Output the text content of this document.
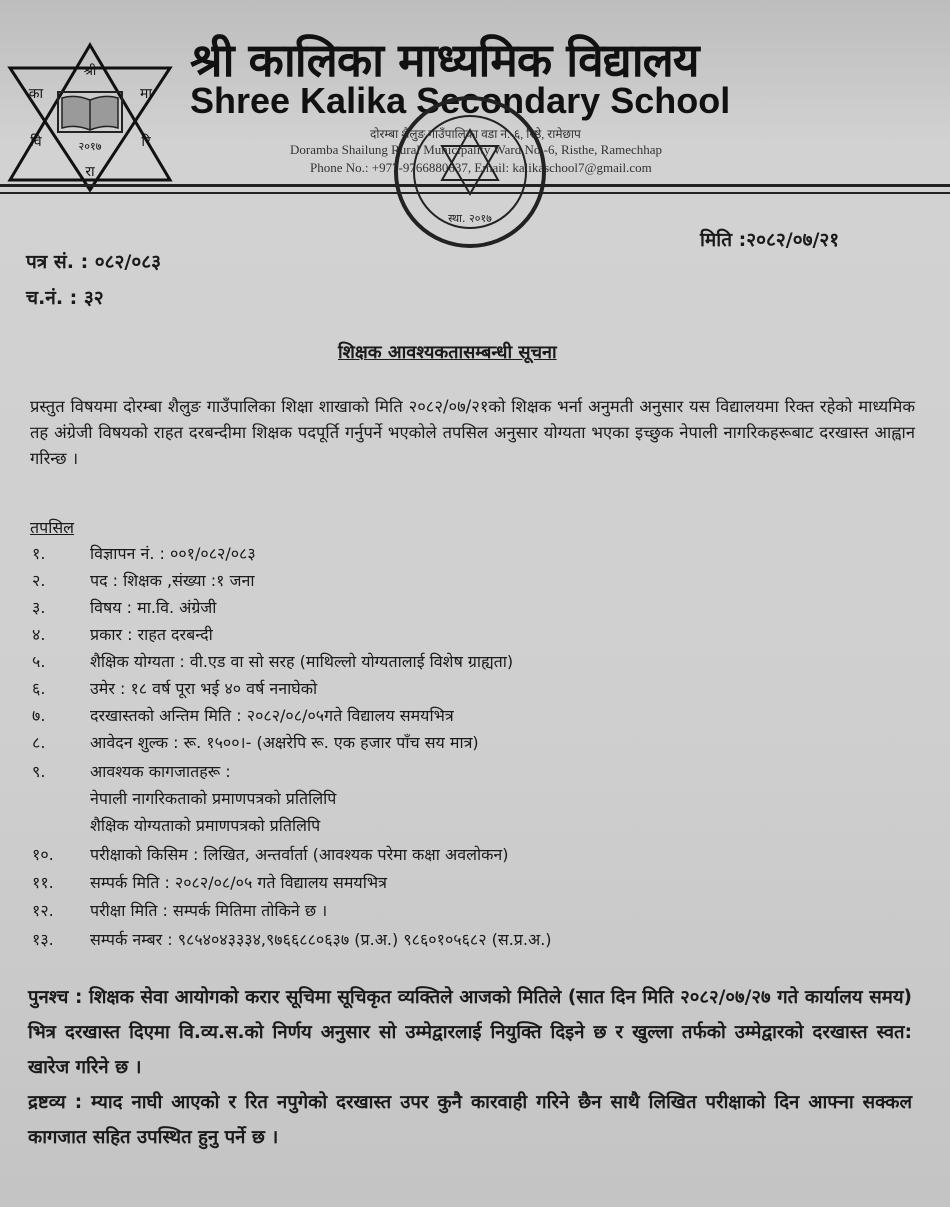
श्री
का	मा
वि	रि
रा
२०१७
श्री कालिका माध्यमिक विद्यालय
Shree Kalika Secondary School
दोरम्बा शैलुङ गाउँपालिका वडा नं.-६, रिष्ठे, रामेछाप
Doramba Shailung Rural Municipality Ward No.-6, Risthe, Ramechhap
Phone No.: +977-9766880637, Email: kalikaschool7@gmail.com
स्था. २०१७
पत्र सं. : ०८२/०८३
च.नं. : ३२
मिति :२०८२/०७/२१
शिक्षक आवश्यकतासम्बन्धी सूचना
प्रस्तुत विषयमा दोरम्बा शैलुङ गाउँपालिका शिक्षा शाखाको मिति २०८२/०७/२१को शिक्षक भर्ना अनुमती अनुसार यस विद्यालयमा रिक्त रहेको माध्यमिक तह अंग्रेजी विषयको राहत दरबन्दीमा शिक्षक पदपूर्ति गर्नुपर्ने भएकोले तपसिल अनुसार योग्यता भएका इच्छुक नेपाली नागरिकहरूबाट दरखास्त आह्वान गरिन्छ ।
तपसिल
१.	विज्ञापन नं. : ००१/०८२/०८३
२.	पद : शिक्षक ,संख्या :१ जना
३.	विषय : मा.वि. अंग्रेजी
४.	प्रकार : राहत दरबन्दी
५.	शैक्षिक योग्यता : वी.एड वा सो सरह (माथिल्लो योग्यतालाई विशेष ग्राह्यता)
६.	उमेर : १८ वर्ष पूरा भई ४० वर्ष ननाघेको
७.	दरखास्तको अन्तिम मिति : २०८२/०८/०५गते विद्यालय समयभित्र
८.	आवेदन शुल्क : रू. १५००।- (अक्षरेपि रू. एक हजार पाँच सय मात्र)
९.	आवश्यक कागजातहरू :
नेपाली नागरिकताको प्रमाणपत्रको प्रतिलिपि
शैक्षिक योग्यताको प्रमाणपत्रको प्रतिलिपि
१०. परीक्षाको किसिम : लिखित, अन्तर्वार्ता (आवश्यक परेमा कक्षा अवलोकन)
११. सम्पर्क मिति : २०८२/०८/०५ गते विद्यालय समयभित्र
१२. परीक्षा मिति : सम्पर्क मितिमा तोकिने छ ।
१३. सम्पर्क नम्बर : ९८५४०४३३३४,९७६६८८०६३७ (प्र.अ.) ९८६०१०५६८२ (स.प्र.अ.)

पुनश्च : शिक्षक सेवा आयोगको करार सूचिमा सूचिकृत व्यक्तिले आजको मितिले (सात दिन मिति २०८२/०७/२७ गते कार्यालय समय) भित्र दरखास्त दिएमा वि.व्य.स.को निर्णय अनुसार सो उम्मेद्वारलाई नियुक्ति दिइने छ र खुल्ला तर्फको उम्मेद्वारको दरखास्त स्वत: खारेज गरिने छ ।

द्रष्टव्य : म्याद नाघी आएको र रित नपुगेको दरखास्त उपर कुनै कारवाही गरिने छैन साथै लिखित परीक्षाको दिन आफ्ना सक्कल कागजात सहित उपस्थित हुनु पर्ने छ ।
